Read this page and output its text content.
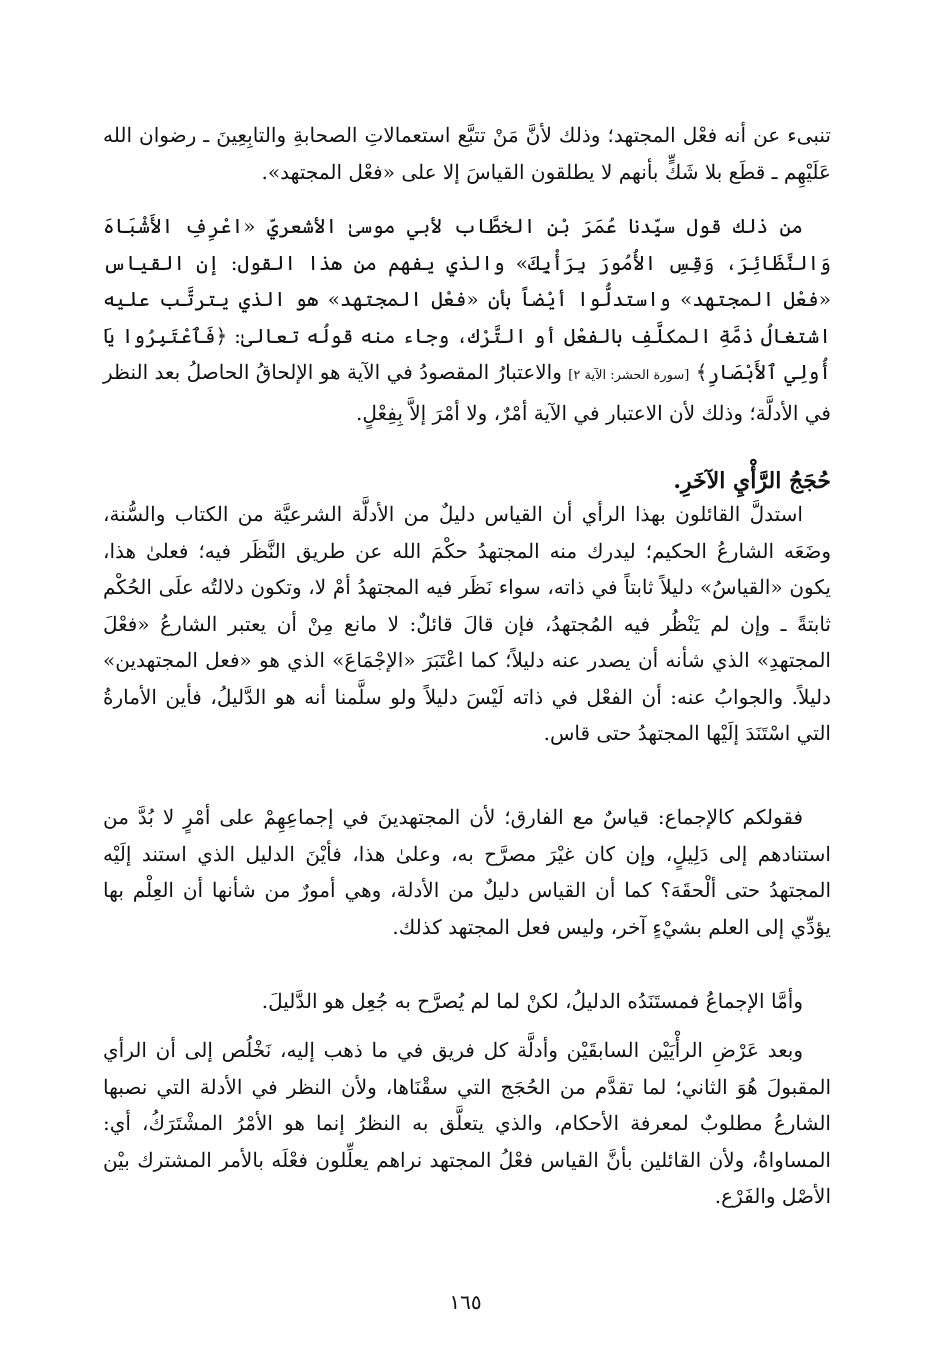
تنبىء عن أنه فعْل المجتهد؛ وذلك لأنَّ مَنْ تتبَّع استعمالاتِ الصحابةِ والتابِعِينَ ـ رضوان الله عَلَيْهِم ـ قطَع بلا شَكٍّ بأنهم لا يطلقون القياسَ إلا على «فعْل المجتهد».
من ذلك قول سيِّدنا عُمَرَ بْنِ الخطَّاب لأبي موسىٰ الأشعريّ «اعْرِفِ الأَشْبَاهَ وَالنَّظَائِرَ، وَقِسِ الأُمُورَ بِرَأْيِكَ» والذي يفهم من هذا القول: إن القياس «فعْل المجتهد» واستدلُّوا أيْضاً بأن «فعْل المجتهد» هو الذي يترتَّب عليه اشتغالُ ذمَّةِ المكلَّفِ بالفعْل أو التَّرْك، وجاء منه قولُه تعالىٰ: ﴿فَٱعْتَبِرُوا يَا أُولِي ٱلأَبْصَارِ﴾ [سورة الحشر: الآية ٢] والاعتبارُ المقصودُ في الآية هو الإلحاقُ الحاصلُ بعد النظر في الأدلَّة؛ وذلك لأن الاعتبار في الآية أمْرٌ، ولا أمْرَ إلاَّ بِفِعْلٍ.
حُجَجُ الرَّأْيِ الآخَرِ.
استدلَّ القائلون بهذا الرأي أن القياس دليلٌ من الأدلَّة الشرعيَّة من الكتاب والسُّنة، وضَعَه الشارعُ الحكيم؛ ليدرك منه المجتهدُ حكْمَ الله عن طريق النَّظَر فيه؛ فعلىٰ هذا، يكون «القياسُ» دليلاً ثابتاً في ذاته، سواء نَظَر فيه المجتهدُ أمْ لا، وتكون دلالتُه علَى الحُكْم ثابتةً ـ وإن لم يَنْظُر فيه المُجتهدُ، فإن قالَ قائلٌ: لا مانع مِنْ أن يعتبر الشارعُ «فعْلَ المجتهدِ» الذي شأنه أن يصدر عنه دليلاً؛ كما اعْتَبَرَ «الإجْمَاعَ» الذي هو «فعل المجتهدين» دليلاً. والجوابُ عنه: أن الفعْل في ذاته لَيْسَ دليلاً ولو سلَّمنا أنه هو الدَّليلُ، فأين الأمارةُ التي اسْتَنَدَ إلَيْها المجتهدُ حتى قاس.
فقولكم كالإجماع: قياسٌ مع الفارق؛ لأن المجتهدينَ في إجماعِهِمْ على أمْرٍ لا بُدَّ من استنادهم إلى دَلِيلٍ، وإن كان غيْرَ مصرَّح به، وعلىٰ هذا، فأيْنَ الدليل الذي استند إلَيْه المجتهدُ حتى ألْحقَهَ؟ كما أن القياس دليلٌ من الأدلة، وهي أمورٌ من شأنها أن العِلْم بها يؤدِّي إلى العلم بشيْءٍ آخر، وليس فعل المجتهد كذلك.
وأمَّا الإجماعُ فمستَنَدُه الدليلُ، لكنْ لما لم يُصرَّح به جُعِل هو الدَّليلَ.
وبعد عَرْضِ الرأْيَيْن السابقَيْن وأدلَّة كل فريق في ما ذهب إليه، نَخْلُص إلى أن الرأي المقبولَ هُوَ الثاني؛ لما تقدَّم من الحُجَج التي سقْنَاها، ولأن النظر في الأدلة التي نصبها الشارعُ مطلوبٌ لمعرفة الأحكام، والذي يتعلَّق به النظرُ إنما هو الأمْرُ المشْتَرَكُ، أي: المساواةُ، ولأن القائلين بأنَّ القياس فعْلُ المجتهد نراهم يعلِّلون فعْلَه بالأمر المشترك بيْن الأصْل والفَرْع.
١٦٥
